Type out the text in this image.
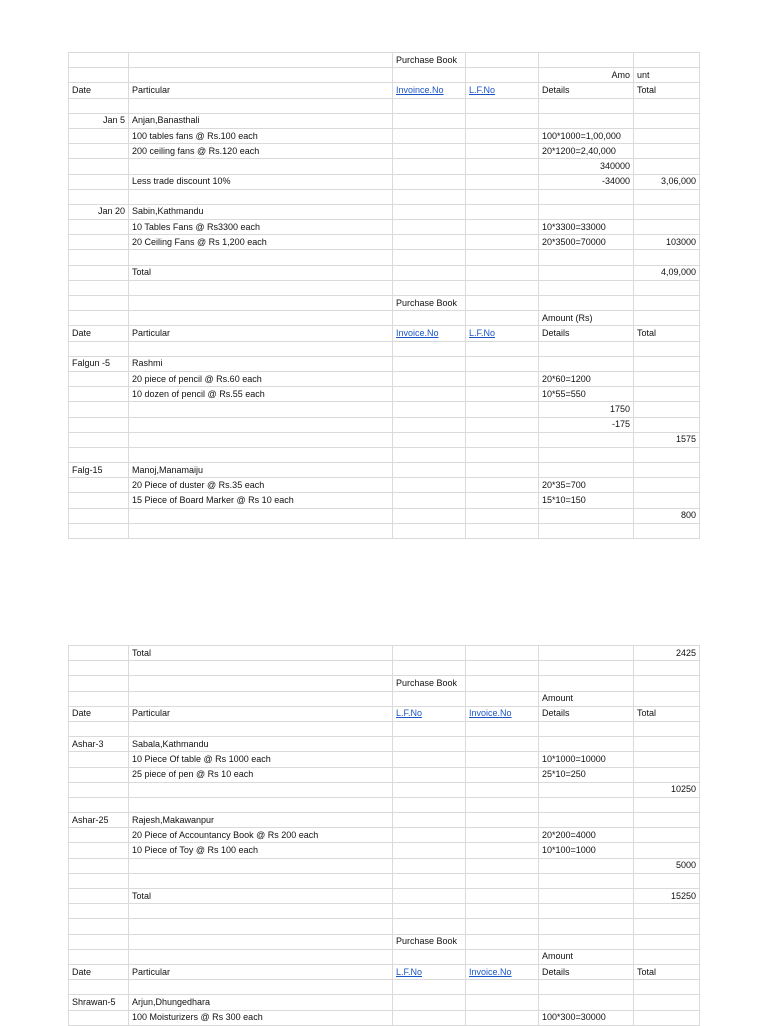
		Purchase Book			
				Amo	unt
Date	Particular	Invoince.No	L.F.No	Details	Total

Jan 5	Anjan,Banasthali				
	100 tables fans @ Rs.100 each			100*1000=1,00,000	
	200 ceiling fans @ Rs.120 each			20*1200=2,40,000	
				340000	
	Less trade discount 10%			-34000	3,06,000

Jan 20	Sabin,Kathmandu				
	10 Tables Fans @ Rs3300 each			10*3300=33000	
	20 Ceiling Fans @ Rs 1,200 each			20*3500=70000	103000

	Total				4,09,000

		Purchase Book			
				Amount (Rs)	
Date	Particular	Invoice.No	L.F.No	Details	Total

Falgun -5	Rashmi				
	20 piece of pencil @ Rs.60 each			20*60=1200	
	10 dozen of pencil @ Rs.55 each			10*55=550	
				1750	
				-175	
					1575

Falg-15	Manoj,Manamaiju				
	20 Piece of duster @ Rs.35 each			20*35=700	
	15 Piece of Board Marker @ Rs 10 each			15*10=150	
					800

	Total				2425

		Purchase Book			
				Amount	
Date	Particular	L.F.No	Invoice.No	Details	Total

Ashar-3	Sabala,Kathmandu				
	10 Piece Of table @ Rs 1000 each			10*1000=10000	
	25 piece of pen @ Rs 10 each			25*10=250	
					10250

Ashar-25	Rajesh,Makawanpur				
	20 Piece of Accountancy Book @ Rs 200 each			20*200=4000	
	10 Piece of Toy @ Rs 100 each			10*100=1000	
					5000

	Total				15250

		Purchase Book			
				Amount	
Date	Particular	L.F.No	Invoice.No	Details	Total

Shrawan-5	Arjun,Dhungedhara				
	100 Moisturizers @ Rs 300 each			100*300=30000	
